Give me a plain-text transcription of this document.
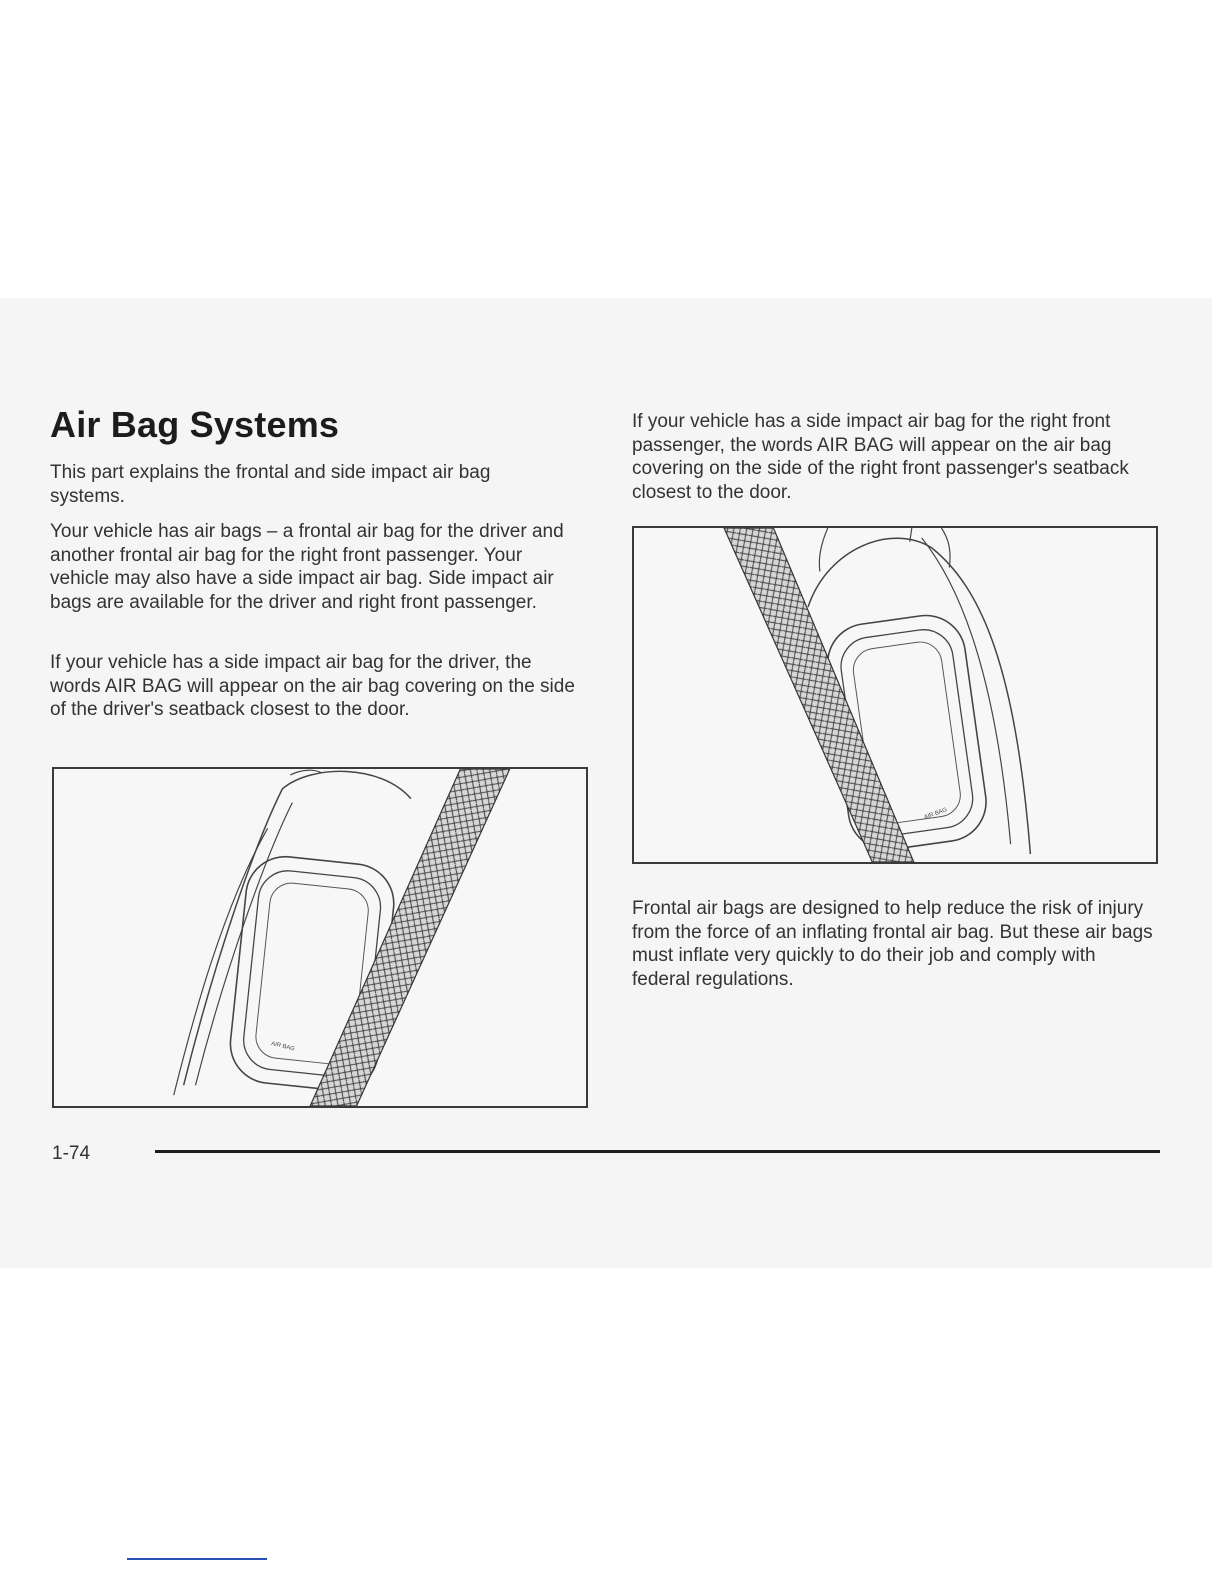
Air Bag Systems

This part explains the frontal and side impact air bag systems.

Your vehicle has air bags – a frontal air bag for the driver and another frontal air bag for the right front passenger. Your vehicle may also have a side impact air bag. Side impact air bags are available for the driver and right front passenger.

If your vehicle has a side impact air bag for the driver, the words AIR BAG will appear on the air bag covering on the side of the driver's seatback closest to the door.

AIR BAG

If your vehicle has a side impact air bag for the right front passenger, the words AIR BAG will appear on the air bag covering on the side of the right front passenger's seatback closest to the door.

AIR BAG

Frontal air bags are designed to help reduce the risk of injury from the force of an inflating frontal air bag. But these air bags must inflate very quickly to do their job and comply with federal regulations.

1-74
